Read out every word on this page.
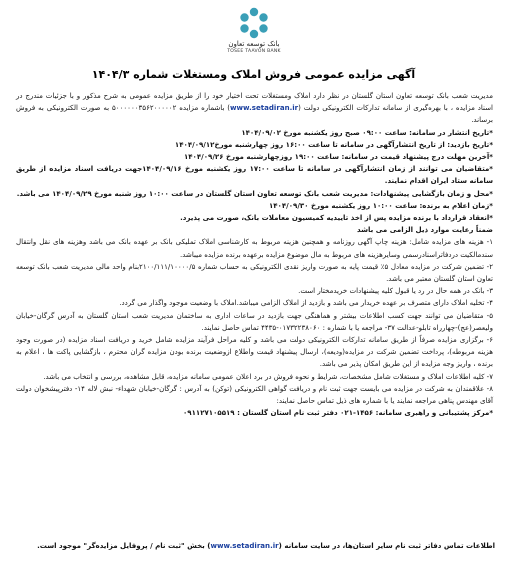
بانک توسعه تعاون
TOSEE TAAVON BANK
آگهی مزایده عمومی فروش املاک ومستغلات شماره ۱۴۰۴/۳

مدیریت شعب بانک توسعه تعاون استان گلستان در نظر دارد املاک ومستغلات تحت اختیار خود را از طریق مزایده عمومی به شرح مذکور و با جزئیات مندرج در اسناد مزایده ، با بهره‌گیری از سامانه تدارکات الکترونیکی دولت (www.setadiran.ir) باشماره مزایده ۵۰۰۰۰۰۰۳۵۶۲۰۰۰۰۰۲ به صورت الکترونیکی به فروش برساند.

*تاریخ انتشار در سامانه: ساعت ۰۹:۰۰ صبح روز یکشنبه مورخ ۱۴۰۴/۰۹/۰۲

*تاریخ بازدید: از تاریخ انتشارآگهی در سامانه تا ساعت ۱۶:۰۰ روز چهارشنبه مورخ۱۴۰۴/۰۹/۱۲

*آخرین مهلت درج پیشنهاد قیمت در سامانه: ساعت ۱۹:۰۰ روزچهارشنبه مورخ ۱۴۰۴/۰۹/۲۶

*متقاضیان می توانند از زمان انتشارآگهی در سامانه تا ساعت ۱۷:۰۰ روز یکشنبه مورخ ۱۴۰۴/۰۹/۱۶جهت دریافت اسناد مزایده از طریق سامانه ستاد ایران اقدام نمایند.

*محل و زمان بازگشایی پیشنهادات: مدیریت شعب بانک توسعه تعاون استان گلستان در ساعت ۱۰:۰۰ روز شنبه مورخ ۱۴۰۴/۰۹/۲۹ می باشد.

*زمان اعلام به برنده: ساعت ۱۰:۰۰ روز یکشنبه مورخ ۱۴۰۴/۰۹/۳۰

*انعقاد قرارداد با برنده مزایده پس از اخذ تاییدیه کمیسیون معاملات بانک، صورت می پذیرد.

ضمناً رعایت موارد ذیل الزامی می باشد

۱- هزینه های مزایده شامل: هزینه چاپ آگهی روزنامه و همچنین هزینه مربوط به کارشناسی املاک تملیکی بانک بر عهده بانک می باشد وهزینه های نقل وانتقال سندمالکیت درد‌فاتراسنادرسمی وسایرهزینه های مربوط به مال موضوع مزایده برعهده برنده مزایده میباشد.

۲- تضمین شرکت در مزایده معادل ۵٪ قیمت پایه به صورت واریز نقدی الکترونیکی به حساب شماره ۲۱۰۰/۱۱۱/۱۰۰۰۰/۵بنام واحد مالی مدیریت شعب بانک توسعه تعاون استان گلستان معتبر می باشد.

۳- بانک در همه حال در رد یا قبول کلیه پیشنهادات خریدمختار است.

۴- تخلیه املاک دارای متصرف بر عهده خریدار می باشد و بازدید از املاک الزامی میباشد.املاک با وضعیت موجود واگذار می گردد.

۵- متقاضیان می توانند جهت کسب اطلاعات بیشتر و هماهنگی جهت بازدید در ساعات اداری به ساختمان مدیریت شعب استان گلستان به آدرس گرگان-خیابان ولیعصر(عج)-چهارراه تابلو-عدالت ۳۷- مراجعه یا با شماره : ۰۱۷۳۲۲۳۸۰۶۰-۴۴۳۵ تماس حاصل نمایند.

۶- برگزاری مزایده صرفاً از طریق سامانه تدارکات الکترونیکی دولت می باشد و کلیه مراحل فرآیند مزایده شامل خرید و دریافت اسناد مزایده (در صورت وجود هزینه مربوطه)، پرداخت تضمین شرکت در مزایده(ودیعه)، ارسال پیشنهاد قیمت واطلاع ازوضعیت برنده بودن مزایده گران محترم ، بازگشایی پاکت ها ، اعلام به برنده ، واریز وجه مزایده از این طریق امکان پذیر می باشد.

۷- کلیه اطلاعات املاک و مستغلات شامل مشخصات، شرایط و نحوه فروش در برد اعلان عمومی سامانه مزایده، قابل مشاهده، بررسی و انتخاب می باشد.

۸- علاقمندان به شرکت در مزایده می بایست جهت ثبت نام و دریافت گواهی الکترونیکی (توکن) به آدرس : گرگان-خیابان شهداء- نبش لاله ۱۴- دفترپیشخوان دولت آقای مهندس پناهی مراجعه نمایند یا با شماره های ذیل تماس حاصل نمایند:

*مرکز پشتیبانی و راهبری سامانه: ۱۴۵۶-۰۲۱ دفتر ثبت نام استان گلستان : ۰۹۱۱۲۷۱۰۵۵۱۹

اطلاعات تماس دفاتر ثبت نام سایر استان‌ها، در سایت سامانه (www.setadiran.ir) بخش "ثبت نام / پروفایل مزایده‌گر" موجود است.
